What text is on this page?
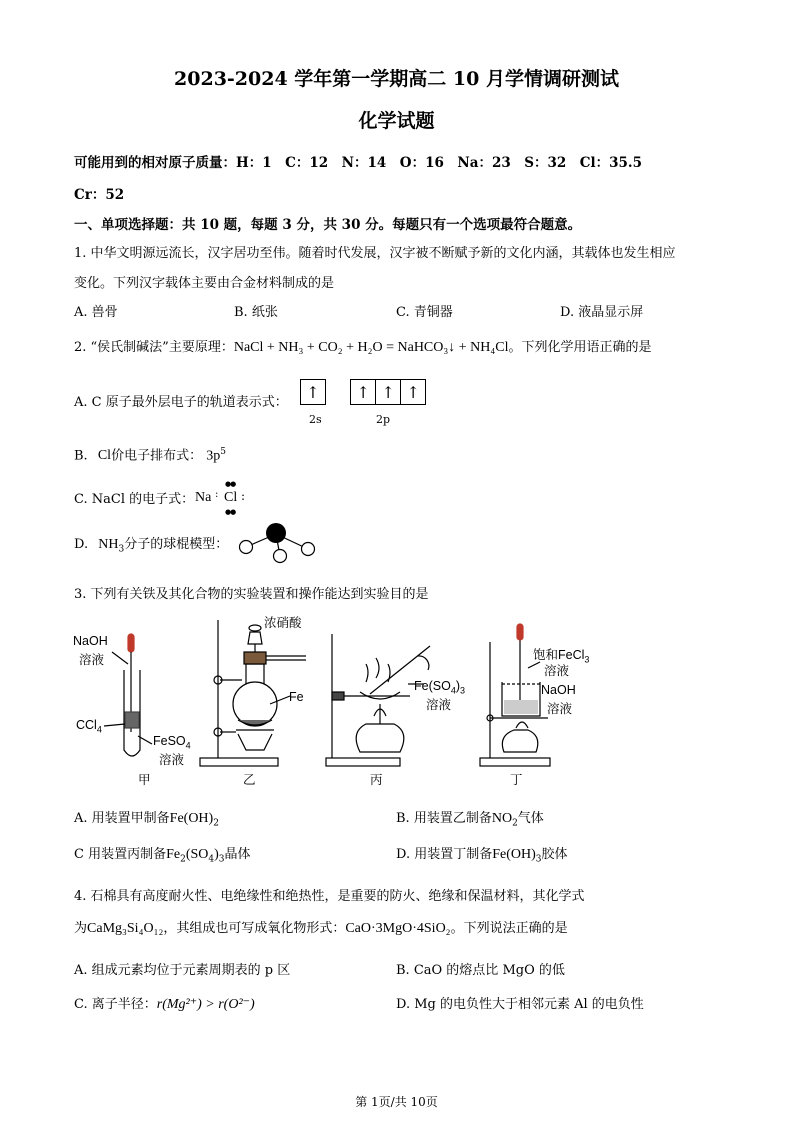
2023-2024 学年第一学期高二 10 月学情调研测试
化学试题
可能用到的相对原子质量：H：1　C：12　N：14　O：16　Na：23　S：32　Cl：35.5
Cr：52
一、单项选择题：共 10 题，每题 3 分，共 30 分。每题只有一个选项最符合题意。
1. 中华文明源远流长，汉字居功至伟。随着时代发展，汉字被不断赋予新的文化内涵，其载体也发生相应
变化。下列汉字载体主要由合金材料制成的是
A. 兽骨	B. 纸张	C. 青铜器	D. 液晶显示屏
2. “侯氏制碱法”主要原理：NaCl + NH₃ + CO₂ + H₂O = NaHCO₃↓ + NH₄Cl。下列化学用语正确的是
A. C 原子最外层电子的轨道表示式：
↑ ↑ ↑ ↑
2s	2p
B. Cl价电子排布式： $3p^5$
C. NaCl 的电子式： Na : Cl
●●
●●
:
D. $NH_3$分子的球棍模型：
3. 下列有关铁及其化合物的实验装置和操作能达到实验目的是
NaOH
溶液
CCl$_4$
FeSO$_4$
溶液
甲
浓硝酸
Fe
乙
$Fe(SO_4)_3$
溶液
丙
饱和FeCl$_3$
溶液
NaOH
溶液
丁
A. 用装置甲制备$Fe(OH)_2$	B. 用装置乙制备$NO_2$气体
C 用装置丙制备$Fe_2(SO_4)_3$晶体	D. 用装置丁制备$Fe(OH)_3$胶体
4. 石棉具有高度耐火性、电绝缘性和绝热性，是重要的防火、绝缘和保温材料，其化学式
为CaMg₃Si₄O₁₂，其组成也可写成氧化物形式：CaO·3MgO·4SiO₂。下列说法正确的是
A. 组成元素均位于元素周期表的 p 区	B. CaO 的熔点比 MgO 的低
C. 离子半径：r(Mg²⁺) > r(O²⁻)	D. Mg 的电负性大于相邻元素 Al 的电负性
第 1页/共 10页
